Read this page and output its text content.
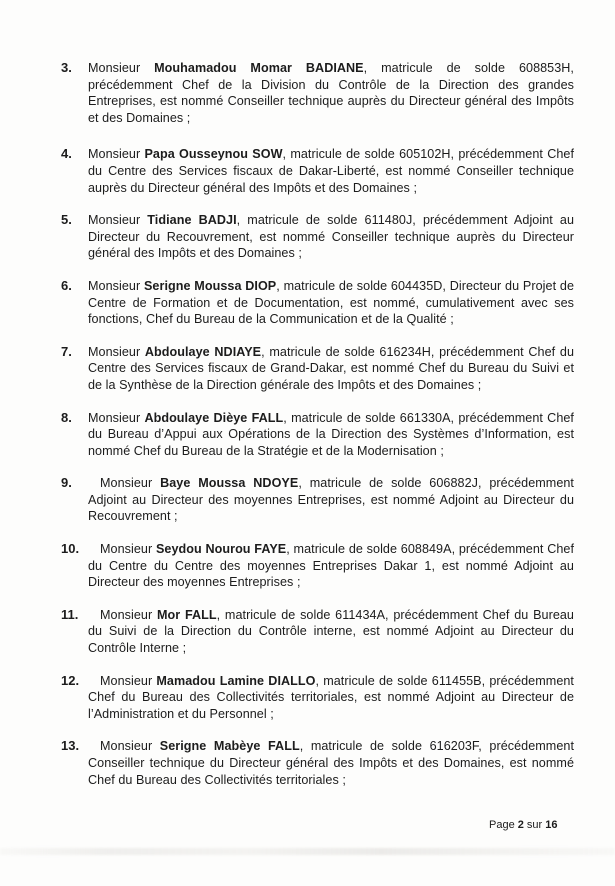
3.	Monsieur Mouhamadou Momar BADIANE, matricule de solde 608853H, précédemment Chef de la Division du Contrôle de la Direction des grandes Entreprises, est nommé Conseiller technique auprès du Directeur général des Impôts et des Domaines ;

4.	Monsieur Papa Ousseynou SOW, matricule de solde 605102H, précédemment Chef du Centre des Services fiscaux de Dakar-Liberté, est nommé Conseiller technique auprès du Directeur général des Impôts et des Domaines ;

5.	Monsieur Tidiane BADJI, matricule de solde 611480J, précédemment Adjoint au Directeur du Recouvrement, est nommé Conseiller technique auprès du Directeur général des Impôts et des Domaines ;

6.	Monsieur Serigne Moussa DIOP, matricule de solde 604435D, Directeur du Projet de Centre de Formation et de Documentation, est nommé, cumulativement avec ses fonctions, Chef du Bureau de la Communication et de la Qualité ;

7.	Monsieur Abdoulaye NDIAYE, matricule de solde 616234H, précédemment Chef du Centre des Services fiscaux de Grand-Dakar, est nommé Chef du Bureau du Suivi et de la Synthèse de la Direction générale des Impôts et des Domaines ;

8.	Monsieur Abdoulaye Dièye FALL, matricule de solde 661330A, précédemment Chef du Bureau d’Appui aux Opérations de la Direction des Systèmes d’Information, est nommé Chef du Bureau de la Stratégie et de la Modernisation ;

9.	Monsieur Baye Moussa NDOYE, matricule de solde 606882J, précédemment Adjoint au Directeur des moyennes Entreprises, est nommé Adjoint au Directeur du Recouvrement ;

10.	Monsieur Seydou Nourou FAYE, matricule de solde 608849A, précédemment Chef du Centre du Centre des moyennes Entreprises Dakar 1, est nommé Adjoint au Directeur des moyennes Entreprises ;

11.	Monsieur Mor FALL, matricule de solde 611434A, précédemment Chef du Bureau du Suivi de la Direction du Contrôle interne, est nommé Adjoint au Directeur du Contrôle Interne ;

12.	Monsieur Mamadou Lamine DIALLO, matricule de solde 611455B, précédemment Chef du Bureau des Collectivités territoriales, est nommé Adjoint au Directeur de l’Administration et du Personnel ;

13.	Monsieur Serigne Mabèye FALL, matricule de solde 616203F, précédemment Conseiller technique du Directeur général des Impôts et des Domaines, est nommé Chef du Bureau des Collectivités territoriales ;

Page 2 sur 16
